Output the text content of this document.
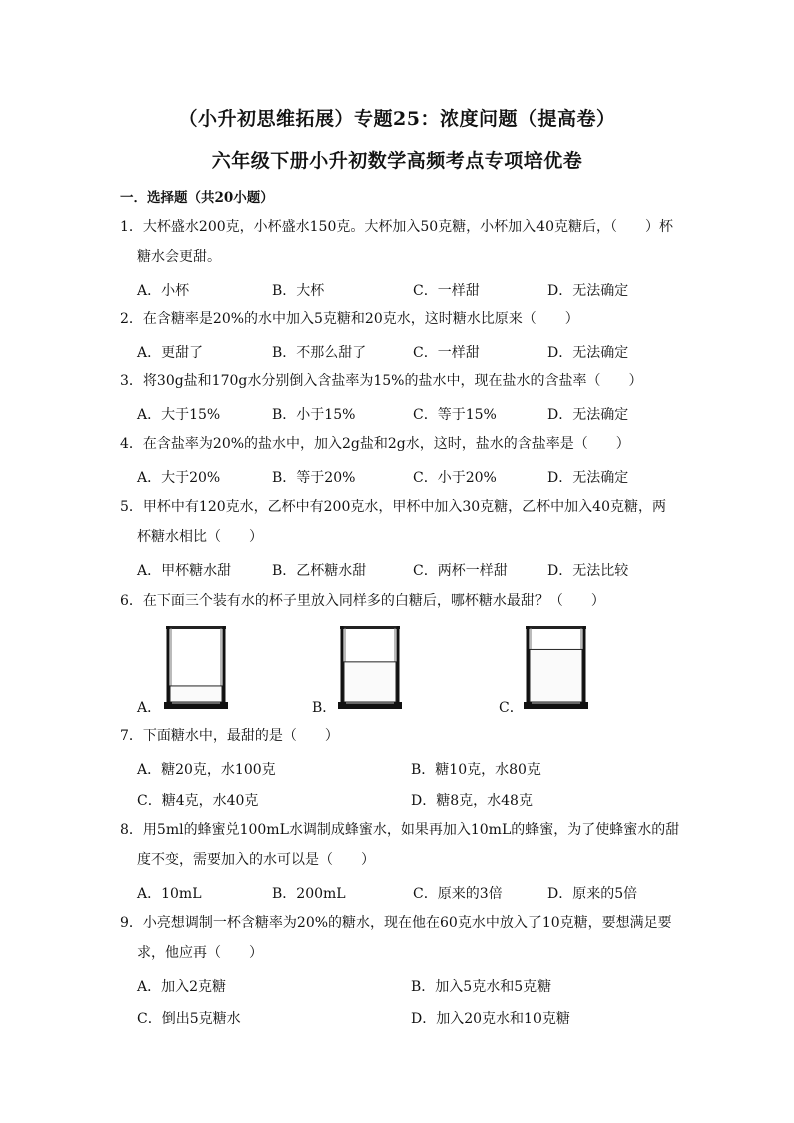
（小升初思维拓展）专题25：浓度问题（提高卷）
六年级下册小升初数学高频考点专项培优卷
一．选择题（共20小题）
1．大杯盛水200克，小杯盛水150克。大杯加入50克糖，小杯加入40克糖后，（　　）杯
糖水会更甜。
A．小杯	B．大杯	C．一样甜	D．无法确定
2．在含糖率是20%的水中加入5克糖和20克水，这时糖水比原来（　　）
A．更甜了	B．不那么甜了	C．一样甜	D．无法确定
3．将30g盐和170g水分别倒入含盐率为15%的盐水中，现在盐水的含盐率（　　）
A．大于15%	B．小于15%	C．等于15%	D．无法确定
4．在含盐率为20%的盐水中，加入2g盐和2g水，这时，盐水的含盐率是（　　）
A．大于20%	B．等于20%	C．小于20%	D．无法确定
5．甲杯中有120克水，乙杯中有200克水，甲杯中加入30克糖，乙杯中加入40克糖，两
杯糖水相比（　　）
A．甲杯糖水甜	B．乙杯糖水甜	C．两杯一样甜	D．无法比较
6．在下面三个装有水的杯子里放入同样多的白糖后，哪杯糖水最甜？（　　）
A．	B．	C．
7．下面糖水中，最甜的是（　　）
A．糖20克，水100克	B．糖10克，水80克
C．糖4克，水40克	D．糖8克，水48克
8．用5ml的蜂蜜兑100mL水调制成蜂蜜水，如果再加入10mL的蜂蜜，为了使蜂蜜水的甜
度不变，需要加入的水可以是（　　）
A．10mL	B．200mL	C．原来的3倍	D．原来的5倍
9．小亮想调制一杯含糖率为20%的糖水，现在他在60克水中放入了10克糖，要想满足要
求，他应再（　　）
A．加入2克糖	B．加入5克水和5克糖
C．倒出5克糖水	D．加入20克水和10克糖
